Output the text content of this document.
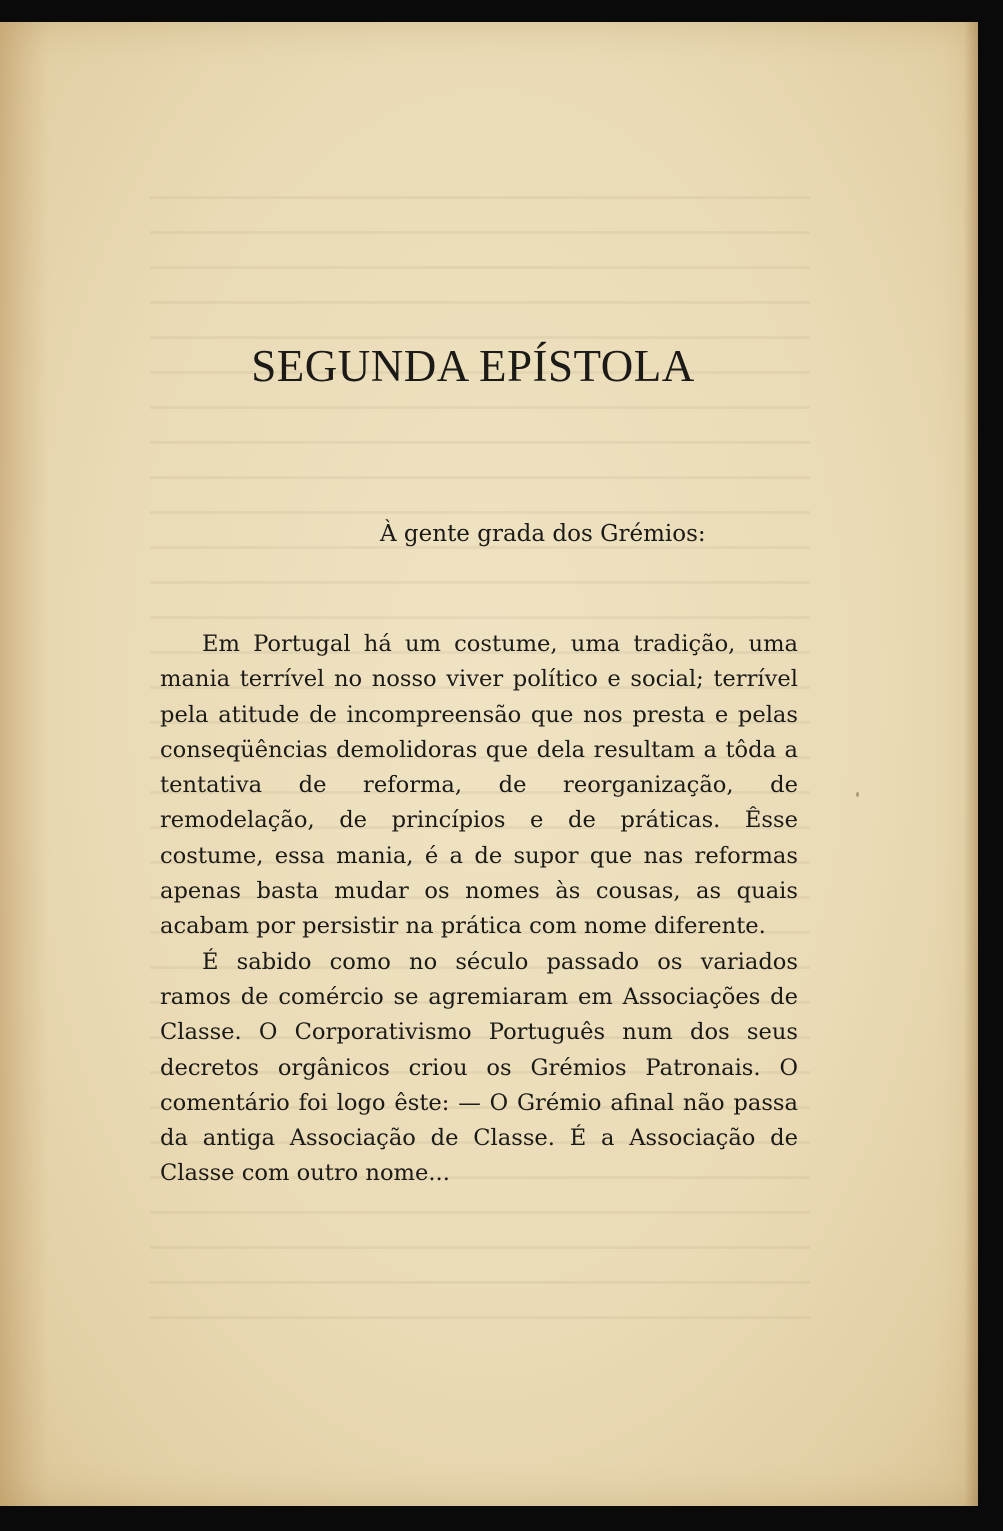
SEGUNDA EPÍSTOLA

À gente grada dos Grémios:

Em Portugal há um costume, uma tradição, uma mania terrível no nosso viver político e social; terrível pela atitude de incompreensão que nos presta e pelas conseqüências demolidoras que dela resultam a tôda a tentativa de reforma, de reorganização, de remodelação, de princípios e de práticas. Êsse costume, essa mania, é a de supor que nas reformas apenas basta mudar os nomes às cousas, as quais acabam por persistir na prática com nome diferente.

É sabido como no século passado os variados ramos de comércio se agremiaram em Associações de Classe. O Corporativismo Português num dos seus decretos orgânicos criou os Grémios Patronais. O comentário foi logo êste: — O Grémio afinal não passa da antiga Associação de Classe. É a Associação de Classe com outro nome...
